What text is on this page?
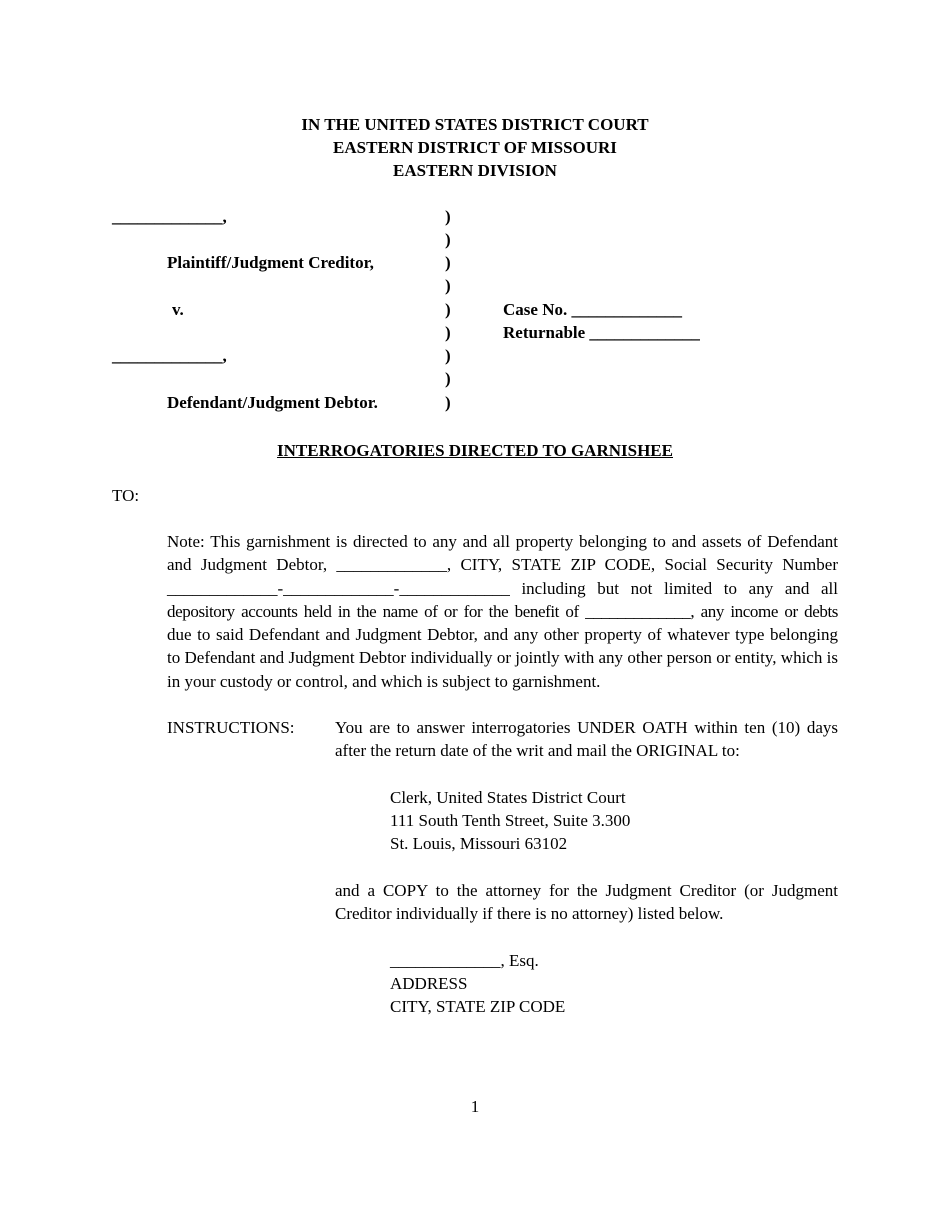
IN THE UNITED STATES DISTRICT COURT
EASTERN DISTRICT OF MISSOURI
EASTERN DIVISION
_____________,
Plaintiff/Judgment Creditor,
v.
_____________,
Defendant/Judgment Debtor.
)
)
)
)
)
)
)
)
)
Case No. _____________
Returnable _____________
INTERROGATORIES DIRECTED TO GARNISHEE
TO:
Note: This garnishment is directed to any and all property belonging to and assets of Defendant
and Judgment Debtor, _____________, CITY, STATE ZIP CODE, Social Security Number
_____________-_____________-_____________ including but not limited to any and all
depository accounts held in the name of or for the benefit of _____________, any income or debts
due to said Defendant and Judgment Debtor, and any other property of whatever type belonging
to Defendant and Judgment Debtor individually or jointly with any other person or entity, which is
in your custody or control, and which is subject to garnishment.
INSTRUCTIONS: You are to answer interrogatories UNDER OATH within ten (10) days
after the return date of the writ and mail the ORIGINAL to:
Clerk, United States District Court
111 South Tenth Street, Suite 3.300
St. Louis, Missouri 63102
and a COPY to the attorney for the Judgment Creditor (or Judgment
Creditor individually if there is no attorney) listed below.
_____________, Esq.
ADDRESS
CITY, STATE ZIP CODE
1
